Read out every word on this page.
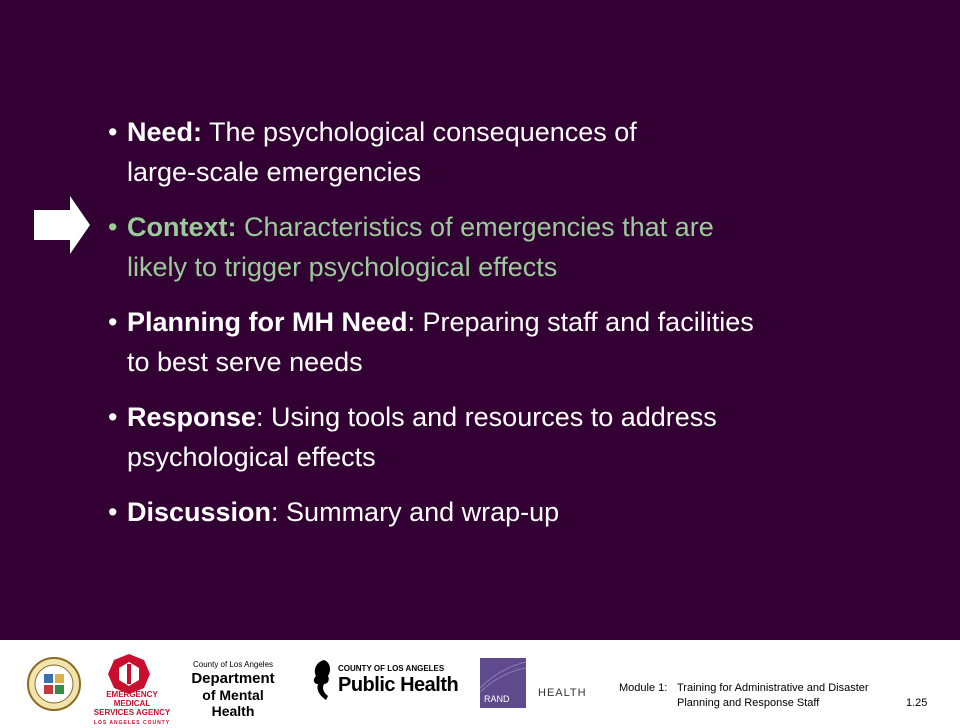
• Need: The psychological consequences of
large-scale emergencies
• Context: Characteristics of emergencies that are
likely to trigger psychological effects
• Planning for MH Need: Preparing staff and facilities
to best serve needs
• Response: Using tools and resources to address
psychological effects
• Discussion: Summary and wrap-up
EMERGENCY MEDICAL
SERVICES AGENCY
LOS ANGELES COUNTY
County of Los Angeles
Department
of Mental Health
COUNTY OF LOS ANGELES
Public Health
RAND	HEALTH	Module 1: Training for Administrative and Disaster
Planning and Response Staff	1.25
